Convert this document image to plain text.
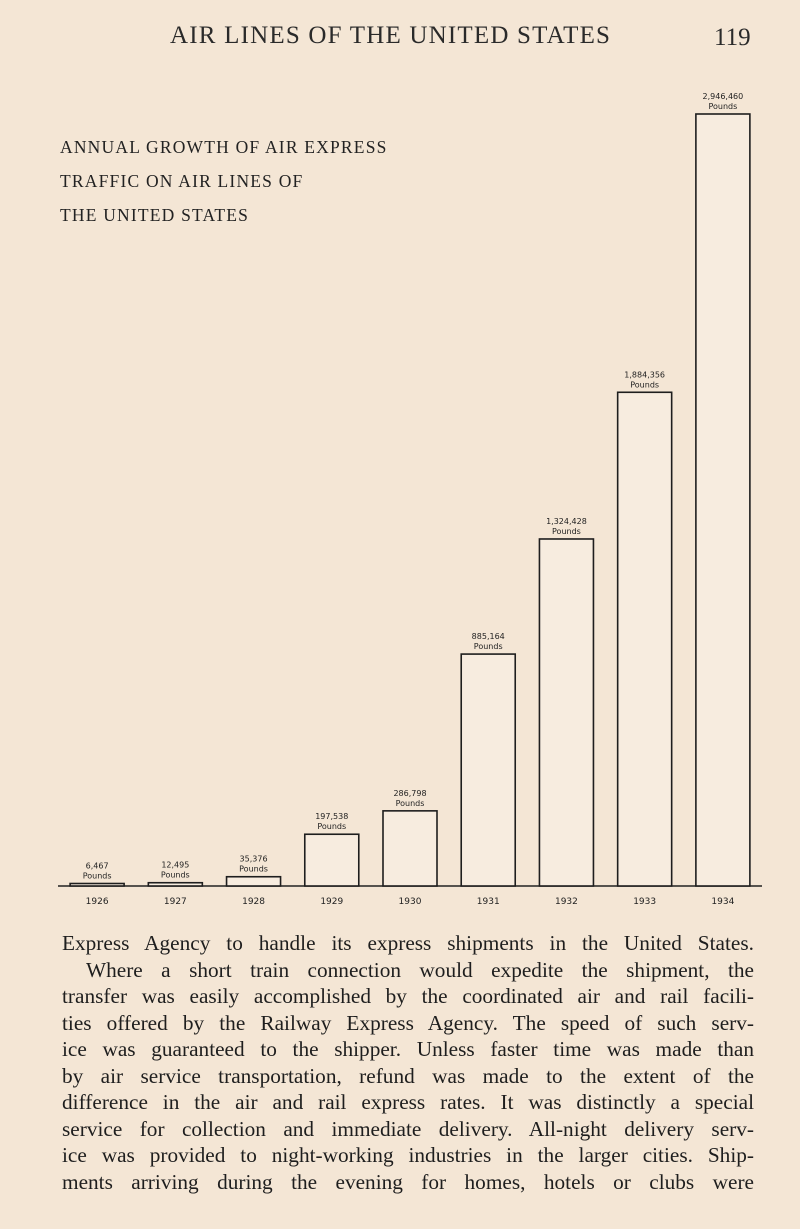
AIR LINES OF THE UNITED STATES	119
ANNUAL GROWTH OF AIR EXPRESS
TRAFFIC ON AIR LINES OF
THE UNITED STATES
6,467
Pounds
1926
12,495
Pounds
1927
35,376
Pounds
1928
197,538
Pounds
1929
286,798
Pounds
1930
885,164
Pounds
1931
1,324,428
Pounds
1932
1,884,356
Pounds
1933
2,946,460
Pounds
1934
Express Agency to handle its express shipments in the United States.
Where a short train connection would expedite the shipment, the
transfer was easily accomplished by the coordinated air and rail facili-
ties offered by the Railway Express Agency. The speed of such serv-
ice was guaranteed to the shipper. Unless faster time was made than
by air service transportation, refund was made to the extent of the
difference in the air and rail express rates. It was distinctly a special
service for collection and immediate delivery. All-night delivery serv-
ice was provided to night-working industries in the larger cities. Ship-
ments arriving during the evening for homes, hotels or clubs were
